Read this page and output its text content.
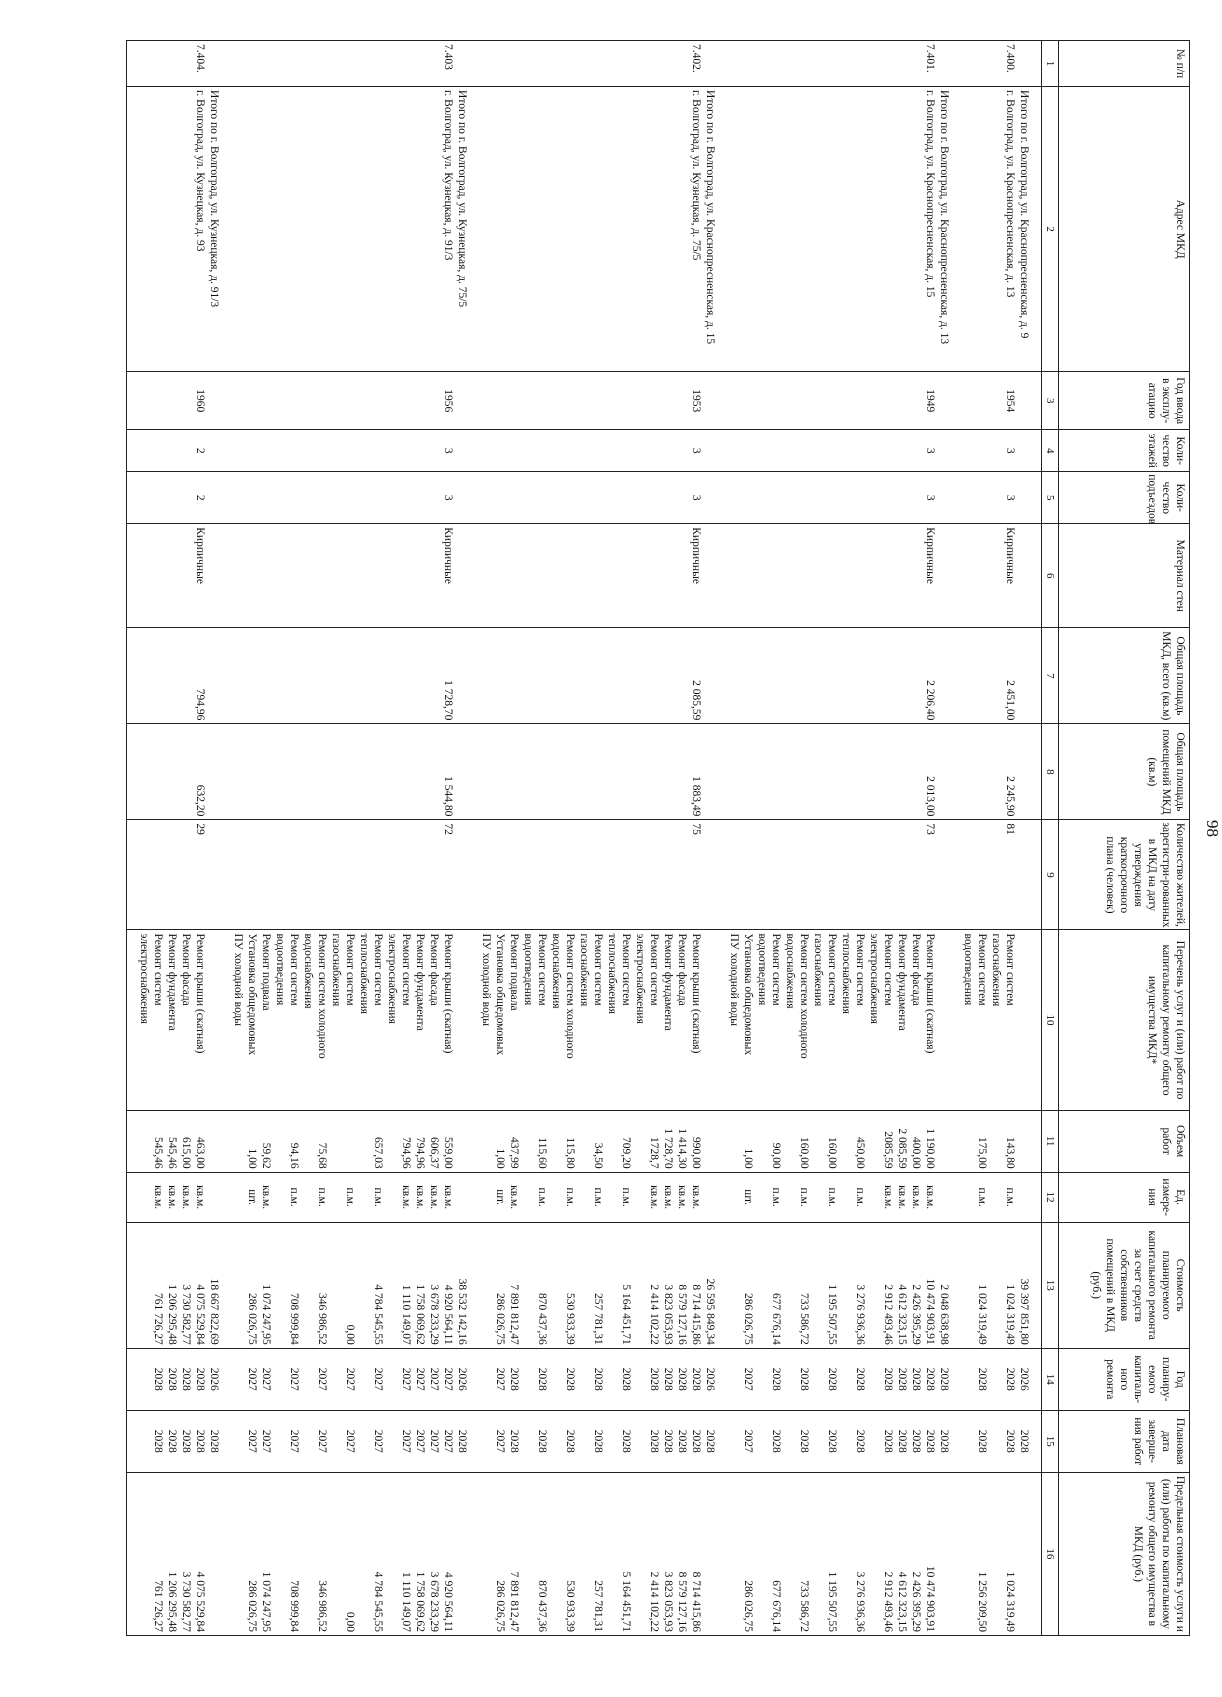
98
№ п/п	Адрес МКД	Год ввода в эксплу-атацию	Коли-чество этажей	Коли-чество подъездов	Материал стен	Общая площадь МКД, всего (кв.м)	Общая площадь помещений МКД (кв.м)	Количество жителей, зарегистри-рованных в МКД на дату утверждения краткосрочного плана (человек)	Перечень услуг и (или) работ по капитальному ремонту общего имущества МКД*	Объем работ	Ед. измере-ния	Стоимость планируемого капитального ремонта за счет средств собственников помещений в МКД (руб.)	Год планиру-емого капиталь-ного ремонта	Плановая дата заверше-ния работ	Предельная стоимость услуги и (или) работы по капитальному ремонту общего имущества в МКД (руб.)
1	2	3	4	5	6	7	8	9	10	11	12	13	14	15	16

	Итого по г. Волгоград, ул. Краснопресненская, д. 9											39 397 851,80	2026	2028	
7.400.	г. Волгоград, ул. Краснопресненская, д. 13	1954	3	3	Кирпичные	2 451,00	2 245,90	81	Ремонт систем
газоснабжения	143,80	п.м.	1 024 319,49	2028	2028	1 024 319,49

									Ремонт систем
водоотведения	175,00	п.м.	1 024 319,49	2028	2028	1 256 209,50

	Итого по г. Волгоград, ул. Краснопресненская, д. 13											2 048 638,98	2028	2028	
7.401.	г. Волгоград, ул. Краснопресненская, д. 15	1949	3	3	Кирпичные	2 206,40	2 013,00	73	Ремонт крыши (скатная)	1 190,00	кв.м.	10 474 903,91	2028	2028	10 474 903,91

									Ремонт фасада	400,00	кв.м.	2 426 395,29	2028	2028	2 426 395,29

									Ремонт фундамента	2 085,59	кв.м.	4 612 323,15	2028	2028	4 612 323,15

									Ремонт систем
электроснабжения	2085,59	кв.м.	2 912 493,46	2028	2028	2 912 493,46

									Ремонт систем
теплоснабжения	450,00	п.м.	3 276 936,36	2028	2028	3 276 936,36

									Ремонт систем
газоснабжения	160,00	п.м.	1 195 507,55	2028	2028	1 195 507,55

									Ремонт систем холодного
водоснабжения	160,00	п.м.	733 586,72	2028	2028	733 586,72

									Ремонт систем
водоотведения	90,00	п.м.	677 676,14	2028	2028	677 676,14

									Установка общедомовых
ПУ холодной воды	1,00	шт.	286 026,75	2027	2027	286 026,75

	Итого по г. Волгоград, ул. Краснопресненская, д. 15											26 595 849,34	2026	2028	
7.402.	г. Волгоград, ул. Кузнецкая, д. 75/5	1953	3	3	Кирпичные	2 085,59	1 883,49	75	Ремонт крыши (скатная)	990,00	кв.м.	8 714 415,86	2028	2028	8 714 415,86

									Ремонт фасада	1 414,30	кв.м.	8 579 127,16	2028	2028	8 579 127,16

									Ремонт фундамента	1 728,70	кв.м.	3 823 053,93	2028	2028	3 823 053,93

									Ремонт систем
электроснабжения	1728,7	кв.м.	2 414 102,22	2028	2028	2 414 102,22

									Ремонт систем
теплоснабжения	709,20	п.м.	5 164 451,71	2028	2028	5 164 451,71

									Ремонт систем
газоснабжения	34,50	п.м.	257 781,31	2028	2028	257 781,31

									Ремонт систем холодного
водоснабжения	115,80	п.м.	530 933,39	2028	2028	530 933,39

									Ремонт систем
водоотведения	115,60	п.м.	870 437,36	2028	2028	870 437,36

									Ремонт подвала	437,99	кв.м.	7 891 812,47	2028	2028	7 891 812,47

									Установка общедомовых
ПУ холодной воды	1,00	шт.	286 026,75	2027	2027	286 026,75

	Итого по г. Волгоград, ул. Кузнецкая, д. 75/5											38 532 142,16	2026	2028	
7.403	г. Волгоград, ул. Кузнецкая, д. 91/3	1956	3	3	Кирпичные	1 728,70	1 544,80	72	Ремонт крыши (скатная)	559,00	кв.м.	4 920 564,11	2027	2027	4 920 564,11

									Ремонт фасада	606,37	кв.м.	3 678 233,29	2027	2027	3 678 233,29

									Ремонт фундамента	794,96	кв.м.	1 758 069,62	2027	2027	1 758 069,62

									Ремонт систем
электроснабжения	794,96	кв.м.	1 110 149,07	2027	2027	1 110 149,07

									Ремонт систем
теплоснабжения	657,03	п.м.	4 784 545,55	2027	2027	4 784 545,55

									Ремонт систем
газоснабжения		п.м.	0,00	2027	2027	0,00

									Ремонт систем холодного
водоснабжения	75,68	п.м.	346 986,52	2027	2027	346 986,52

									Ремонт систем
водоотведения	94,16	п.м.	708 999,84	2027	2027	708 999,84

									Ремонт подвала	59,62	кв.м.	1 074 247,95	2027	2027	1 074 247,95

									Установка общедомовых
ПУ холодной воды	1,00	шт.	286 026,75	2027	2027	286 026,75

	Итого по г. Волгоград, ул. Кузнецкая, д. 91/3											18 667 822,69	2026	2028	
7.404.	г. Волгоград, ул. Кузнецкая, д. 93	1960	2	2	Кирпичные	794,96	632,20	29	Ремонт крыши (скатная)	463,00	кв.м.	4 075 529,84	2028	2028	4 075 529,84

									Ремонт фасада	615,00	кв.м.	3 730 582,77	2028	2028	3 730 582,77

									Ремонт фундамента	545,46	кв.м.	1 206 295,48	2028	2028	1 206 295,48

									Ремонт систем
электроснабжения	545,46	кв.м.	761 726,27	2028	2028	761 726,27
